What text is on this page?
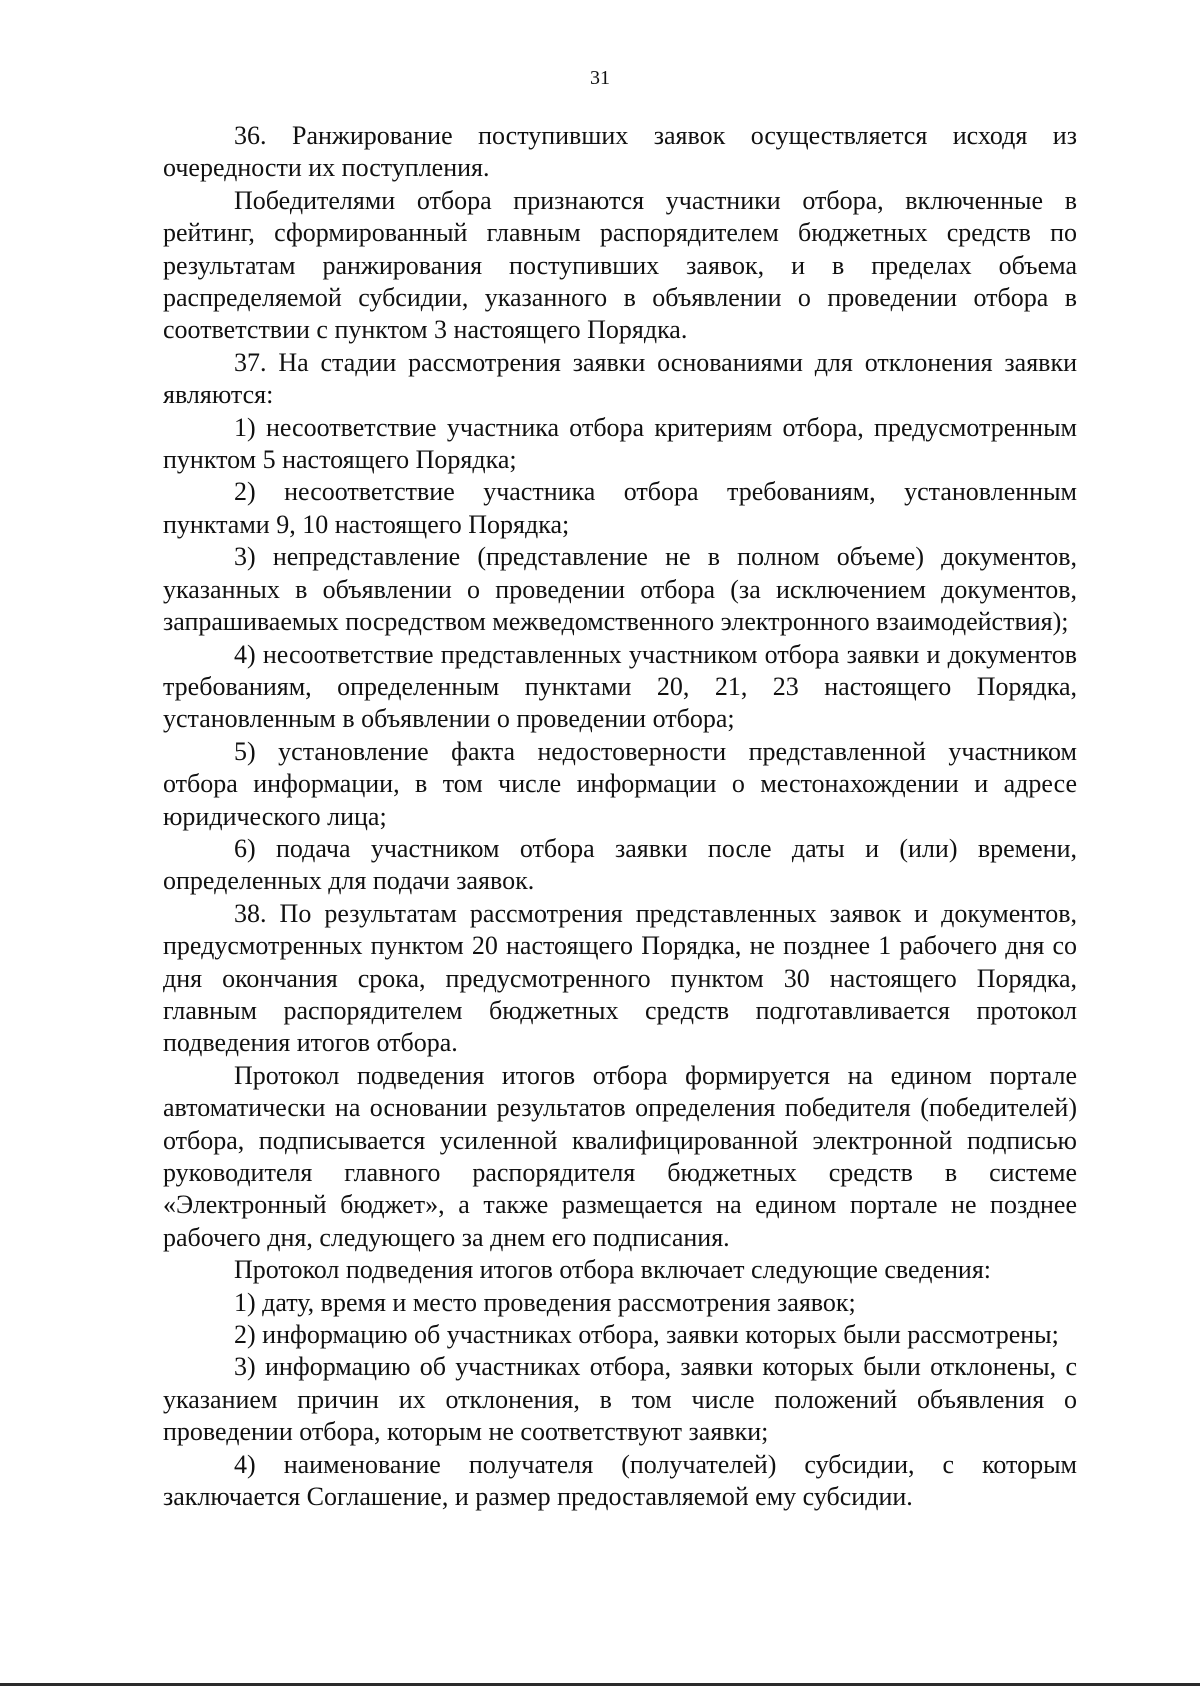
31

36. Ранжирование поступивших заявок осуществляется исходя из очередности их поступления.

Победителями отбора признаются участники отбора, включенные в рейтинг, сформированный главным распорядителем бюджетных средств по результатам ранжирования поступивших заявок, и в пределах объема распределяемой субсидии, указанного в объявлении о проведении отбора в соответствии с пунктом 3 настоящего Порядка.

37. На стадии рассмотрения заявки основаниями для отклонения заявки являются:

1) несоответствие участника отбора критериям отбора, предусмотренным пунктом 5 настоящего Порядка;

2) несоответствие участника отбора требованиям, установленным пунктами 9, 10 настоящего Порядка;

3) непредставление (представление не в полном объеме) документов, указанных в объявлении о проведении отбора (за исключением документов, запрашиваемых посредством межведомственного электронного взаимодействия);

4) несоответствие представленных участником отбора заявки и документов требованиям, определенным пунктами 20, 21, 23 настоящего Порядка, установленным в объявлении о проведении отбора;

5) установление факта недостоверности представленной участником отбора информации, в том числе информации о местонахождении и адресе юридического лица;

6) подача участником отбора заявки после даты и (или) времени, определенных для подачи заявок.

38. По результатам рассмотрения представленных заявок и документов, предусмотренных пунктом 20 настоящего Порядка, не позднее 1 рабочего дня со дня окончания срока, предусмотренного пунктом 30 настоящего Порядка, главным распорядителем бюджетных средств подготавливается протокол подведения итогов отбора.

Протокол подведения итогов отбора формируется на едином портале автоматически на основании результатов определения победителя (победителей) отбора, подписывается усиленной квалифицированной электронной подписью руководителя главного распорядителя бюджетных средств в системе «Электронный бюджет», а также размещается на едином портале не позднее рабочего дня, следующего за днем его подписания.

Протокол подведения итогов отбора включает следующие сведения:

1) дату, время и место проведения рассмотрения заявок;

2) информацию об участниках отбора, заявки которых были рассмотрены;

3) информацию об участниках отбора, заявки которых были отклонены, с указанием причин их отклонения, в том числе положений объявления о проведении отбора, которым не соответствуют заявки;

4) наименование получателя (получателей) субсидии, с которым заключается Соглашение, и размер предоставляемой ему субсидии.
